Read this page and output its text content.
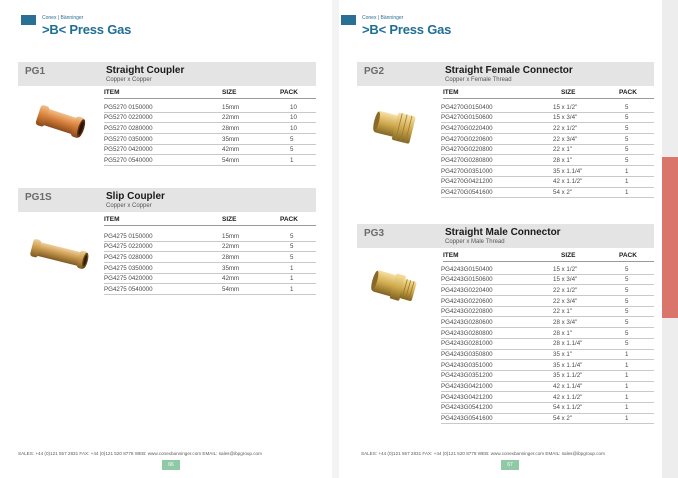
Conex | Bänninger
>B< Press Gas
PG1	Straight Coupler
Copper x Copper
ITEM	SIZE	PACK
PG5270 0150000	15mm	10
PG5270 0220000	22mm	10
PG5270 0280000	28mm	10
PG5270 0350000	35mm	5
PG5270 0420000	42mm	5
PG5270 0540000	54mm	1
PG1S	Slip Coupler
Copper x Copper
ITEM	SIZE	PACK
PG4275 0150000	15mm	5
PG4275 0220000	22mm	5
PG4275 0280000	28mm	5
PG4275 0350000	35mm	1
PG4275 0420000	42mm	1
PG4275 0540000	54mm	1
SALES: +44 (0)121 557 2831 FAX: +44 (0)121 520 8778 WEB: www.conexbanninger.com EMAIL: sales@ibpgroup.com
66
Conex | Bänninger
>B< Press Gas
PG2	Straight Female Connector
Copper x Female Thread
ITEM	SIZE	PACK
PG4270G0150400	15 x 1/2"	5
PG4270G0150600	15 x 3/4"	5
PG4270G0220400	22 x 1/2"	5
PG4270G0220600	22 x 3/4"	5
PG4270G0220800	22 x 1"	5
PG4270G0280800	28 x 1"	5
PG4270G0351000	35 x 1.1/4"	1
PG4270G0421200	42 x 1.1/2"	1
PG4270G0541600	54 x 2"	1
PG3	Straight Male Connector
Copper x Male Thread
ITEM	SIZE	PACK
PG4243G0150400	15 x 1/2"	5
PG4243G0150600	15 x 3/4"	5
PG4243G0220400	22 x 1/2"	5
PG4243G0220600	22 x 3/4"	5
PG4243G0220800	22 x 1"	5
PG4243G0280600	28 x 3/4"	5
PG4243G0280800	28 x 1"	5
PG4243G0281000	28 x 1.1/4"	5
PG4243G0350800	35 x 1"	1
PG4243G0351000	35 x 1.1/4"	1
PG4243G0351200	35 x 1.1/2"	1
PG4243G0421000	42 x 1.1/4"	1
PG4243G0421200	42 x 1.1/2"	1
PG4243G0541200	54 x 1.1/2"	1
PG4243G0541600	54 x 2"	1
SALES: +44 (0)121 557 2831 FAX: +44 (0)121 520 8778 WEB: www.conexbanninger.com EMAIL: sales@ibpgroup.com
67
